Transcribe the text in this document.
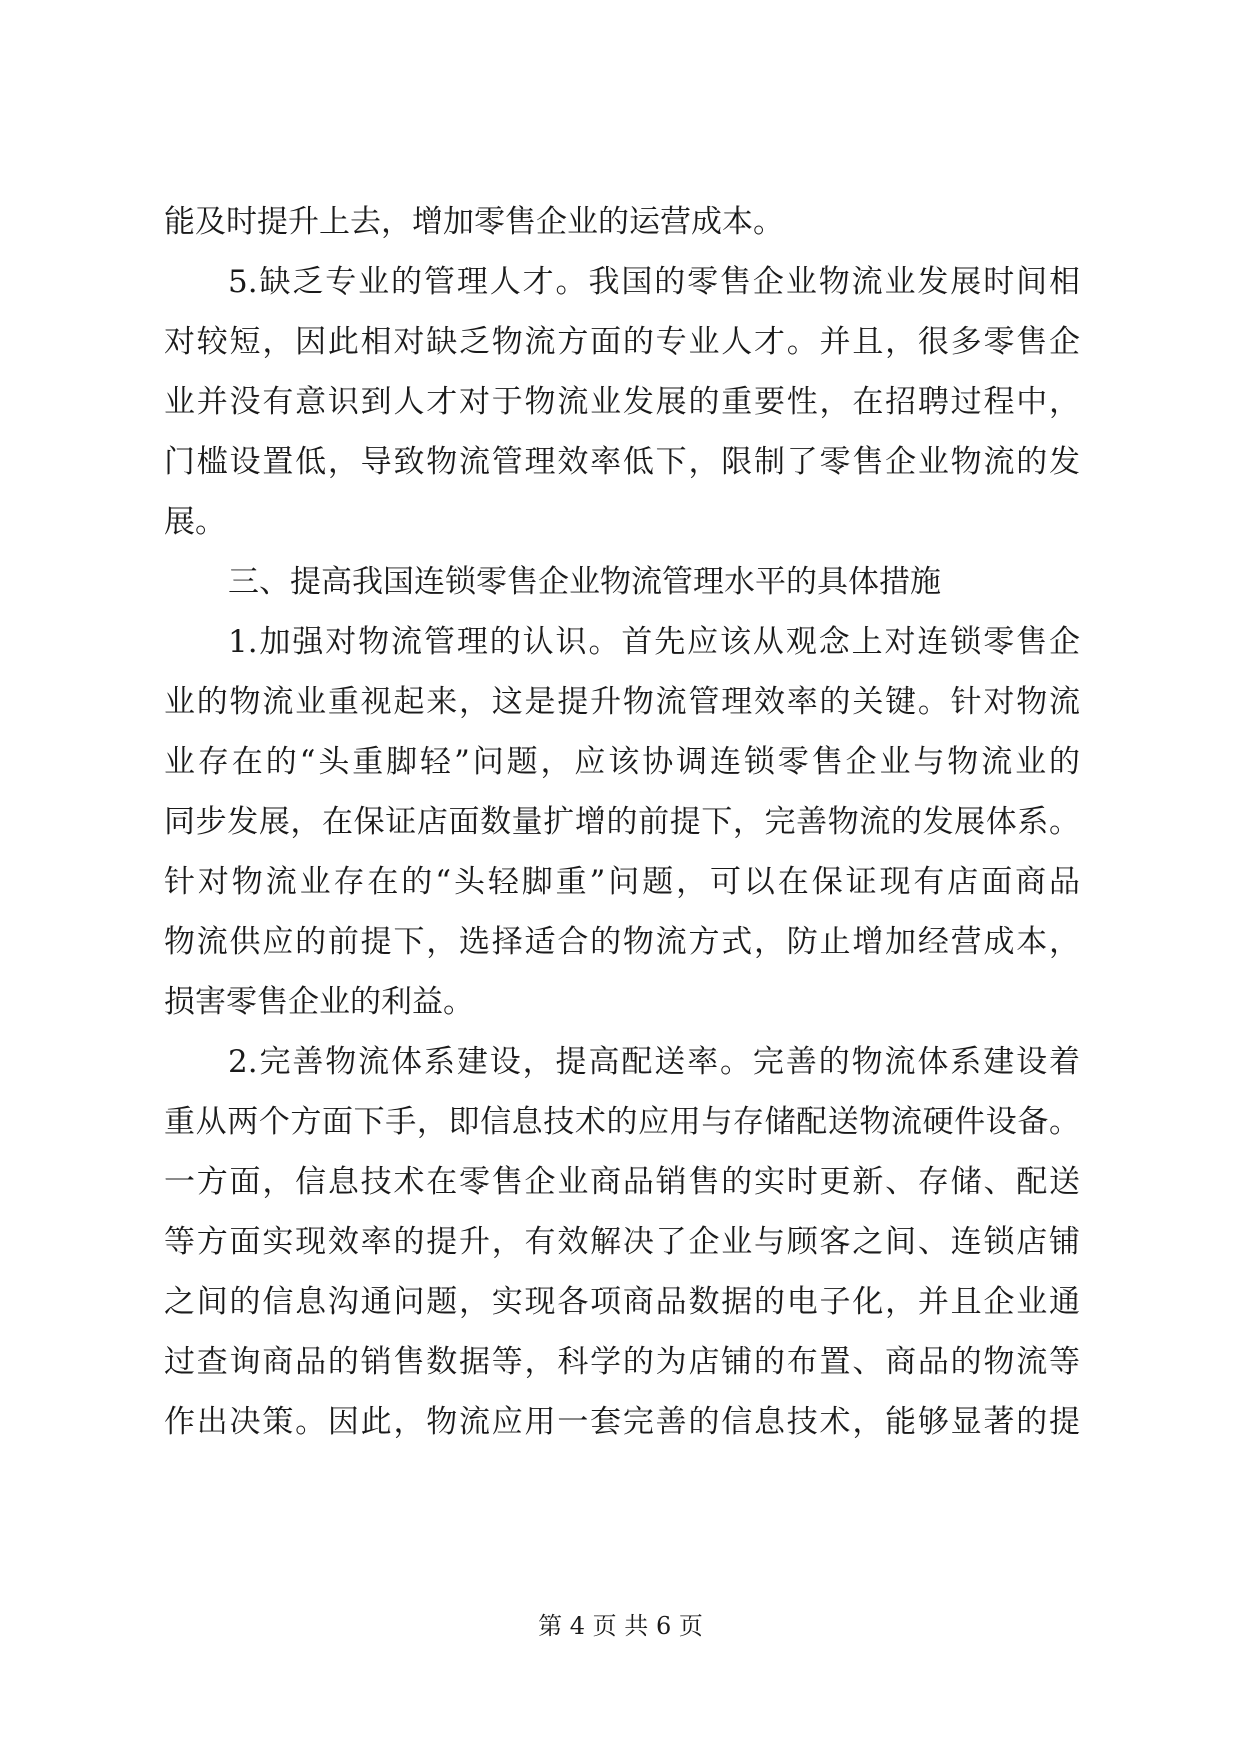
能及时提升上去，增加零售企业的运营成本。
5.缺乏专业的管理人才。我国的零售企业物流业发展时间相
对较短，因此相对缺乏物流方面的专业人才。并且，很多零售企
业并没有意识到人才对于物流业发展的重要性，在招聘过程中，
门槛设置低，导致物流管理效率低下，限制了零售企业物流的发
展。
三、提高我国连锁零售企业物流管理水平的具体措施
1.加强对物流管理的认识。首先应该从观念上对连锁零售企
业的物流业重视起来，这是提升物流管理效率的关键。针对物流
业存在的“头重脚轻”问题，应该协调连锁零售企业与物流业的
同步发展，在保证店面数量扩增的前提下，完善物流的发展体系。
针对物流业存在的“头轻脚重”问题，可以在保证现有店面商品
物流供应的前提下，选择适合的物流方式，防止增加经营成本，
损害零售企业的利益。
2.完善物流体系建设，提高配送率。完善的物流体系建设着
重从两个方面下手，即信息技术的应用与存储配送物流硬件设备。
一方面，信息技术在零售企业商品销售的实时更新、存储、配送
等方面实现效率的提升，有效解决了企业与顾客之间、连锁店铺
之间的信息沟通问题，实现各项商品数据的电子化，并且企业通
过查询商品的销售数据等，科学的为店铺的布置、商品的物流等
作出决策。因此，物流应用一套完善的信息技术，能够显著的提
第 4 页 共 6 页
